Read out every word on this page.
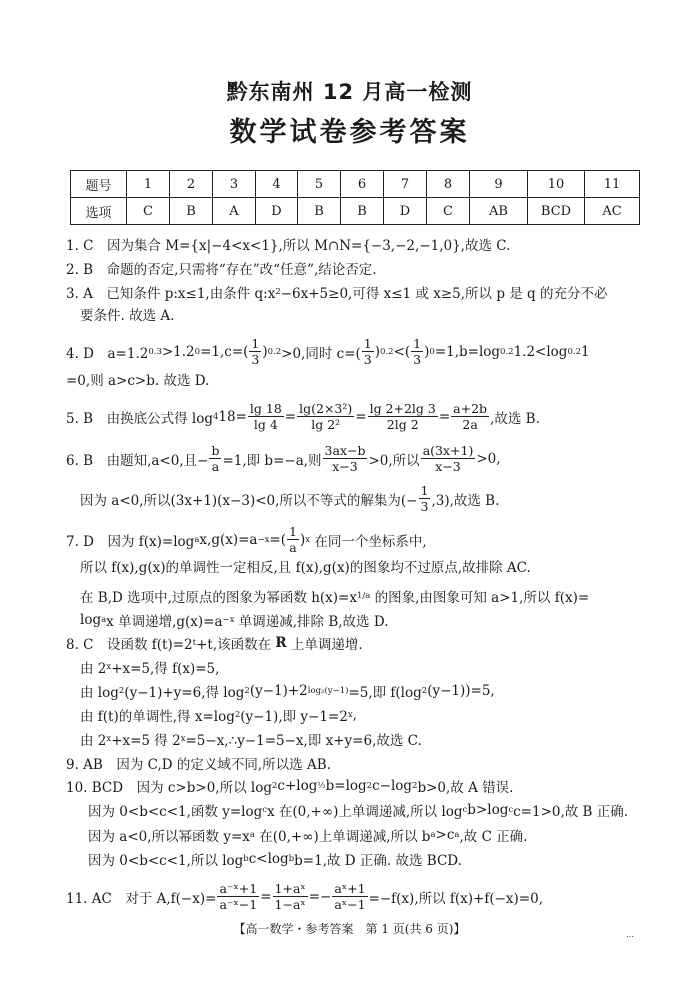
黔东南州 12 月高一检测
数学试卷参考答案
题号	1	2	3	4	5	6	7	8	9	10	11
选项	C	B	A	D	B	B	D	C	AB	BCD	AC
1. C　因为集合 M={x|−4<x<1},所以 M∩N={−3,−2,−1,0},故选 C.
2. B　命题的否定,只需将“存在”改“任意”,结论否定.
3. A　已知条件 p:x≤1,由条件 q:x 2 −6x+5≥0,可得 x≤1 或 x≥5,所以 p 是 q 的充分不必
要条件. 故选 A.
4. D　a=1.2 0.3 >1.2 $0 =1,c=( \frac{1}{3}$ ) 0.2 >0,同时 $c=( \frac{1}{3}$ ) 0.2 <( $\frac{1}{3}$ ) 0 =1,b=log 0.2 1.2<log 0.2 1
=0,则 a>c>b. 故选 D.
5. B　由换底公式得 log 4 $18= \frac{\lg 18}{\lg 4} = \frac{\text{lg(2×3²)}}{\text{lg 2²}} = \frac{\lg 2+2\lg 3}{2\lg 2} = \frac{a+2b}{2a}$ ,故选 B.
6. B　由题知,a<0,且− $\frac{b}{a} =1$,即 b=−a,则 $\frac{3ax-b}{x-3} >0$,所以 $\frac{a(3x+1)}{x-3} >0$,
因为 a<0,所以(3x+1)(x−3)<0,所以不等式的解集为(− $\frac{1}{3} ,3$),故选 B.
7. D　因为 f(x)=log a x,g(x)=a −x =( $\frac{1}{a}$ ) x 在同一个坐标系中,
所以 f(x),g(x)的单调性一定相反,且 f(x),g(x)的图象均不过原点,故排除 AC.
在 B,D 选项中,过原点的图象为幂函数 h(x)=x 1/a 的图象,由图象可知 a>1,所以 f(x)=
log a x 单调递增,g(x)=a −x 单调递减,排除 B,故选 D.
8. C　设函数 f(t)=2 t +t,该函数在 R 上单调递增.
由 2 x +x=5,得 f(x)=5,
由 log 2 (y−1)+y=6,得 log 2 (y−1)+2 log₂(y−1) =5,即 f(log 2 (y−1))=5,
由 f(t)的单调性,得 x=log 2 (y−1),即 y−1=2 x ,
由 2 x +x=5 得 2 x =5−x,∴y−1=5−x,即 x+y=6,故选 C.
9. AB　因为 C,D 的定义域不同,所以选 AB.
10. BCD　因为 c>b>0,所以 log 2 c+log ½ b=log 2 c−log 2 b>0,故 A 错误.
因为 0<b<c<1,函数 y=log c x 在(0,+∞)上单调递减,所以 log c b>log c c=1>0,故 B 正确.
因为 a<0,所以幂函数 y=x a 在(0,+∞)上单调递减,所以 b a >c a ,故 C 正确.
因为 0<b<c<1,所以 log b c<log b b=1,故 D 正确. 故选 BCD.
11. AC　对于 $A,f(-x)= \frac{\text{a⁻ˣ+1}}{\text{a⁻ˣ−1}} = \frac{\text{1+aˣ}}{\text{1−aˣ}} =- \frac{\text{aˣ+1}}{\text{aˣ−1}} =-f(x)$,所以 f(x)+f(−x)=0,
【高一数学・参考答案　第 1 页(共 6 页)】	…
